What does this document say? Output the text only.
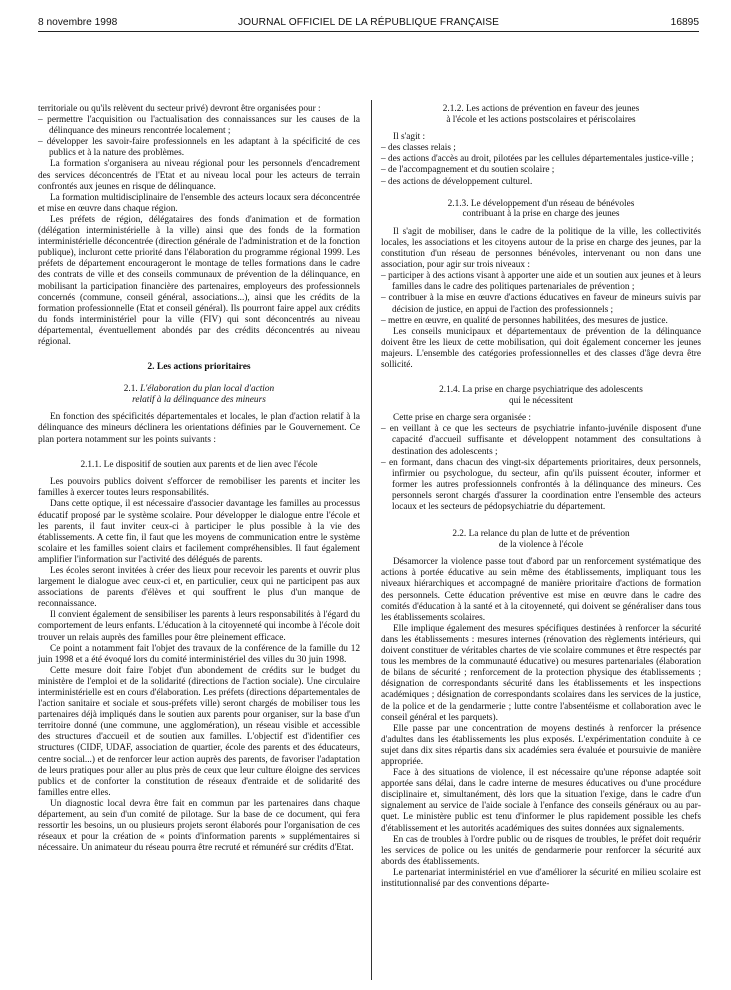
8 novembre 1998	JOURNAL OFFICIEL DE LA RÉPUBLIQUE FRANÇAISE	16895

territoriale ou qu'ils relèvent du secteur privé) devront être organisées pour :

– permettre l'acquisition ou l'actualisation des connaissances sur les causes de la délinquance des mineurs rencontrée localement ;
– développer les savoir-faire professionnels en les adaptant à la spécificité de ces publics et à la nature des problèmes.

La formation s'organisera au niveau régional pour les personnels d'encadrement des services déconcentrés de l'Etat et au niveau local pour les acteurs de terrain confrontés aux jeunes en risque de délinquance.

La formation multidisciplinaire de l'ensemble des acteurs locaux sera déconcentrée et mise en œuvre dans chaque région.

Les préfets de région, délégataires des fonds d'animation et de formation (délégation interministérielle à la ville) ainsi que des fonds de la formation interministérielle déconcentrée (direction générale de l'administration et de la fonction publique), incluront cette priorité dans l'élaboration du programme régional 1999. Les préfets de département encourageront le montage de telles formations dans le cadre des contrats de ville et des conseils communaux de prévention de la délinquance, en mobilisant la participation financière des partenaires, employeurs des professionnels concernés (commune, conseil général, associations...), ainsi que les crédits de la formation professionnelle (Etat et conseil général). Ils pourront faire appel aux crédits du fonds interministériel pour la ville (FIV) qui sont déconcentrés au niveau départemental, éventuellement abondés par des crédits déconcentrés au niveau régional.

2. Les actions prioritaires
2.1. L'élaboration du plan local d'action
relatif à la délinquance des mineurs

En fonction des spécificités départementales et locales, le plan d'action relatif à la délinquance des mineurs déclinera les orientations définies par le Gouvernement. Ce plan portera notamment sur les points suivants :

2.1.1. Le dispositif de soutien aux parents et de lien avec l'école

Les pouvoirs publics doivent s'efforcer de remobiliser les parents et inciter les familles à exercer toutes leurs responsabilités.

Dans cette optique, il est nécessaire d'associer davantage les familles au processus éducatif proposé par le système scolaire. Pour développer le dialogue entre l'école et les parents, il faut inviter ceux-ci à participer le plus possible à la vie des établissements. A cette fin, il faut que les moyens de communication entre le système scolaire et les familles soient clairs et facilement compréhensibles. Il faut également amplifier l'information sur l'activité des délégués de parents.

Les écoles seront invitées à créer des lieux pour recevoir les parents et ouvrir plus largement le dialogue avec ceux-ci et, en particulier, ceux qui ne participent pas aux associations de parents d'élèves et qui souffrent le plus d'un manque de reconnaissance.

Il convient également de sensibiliser les parents à leurs responsabilités à l'égard du comportement de leurs enfants. L'éducation à la citoyenneté qui incombe à l'école doit trouver un relais auprès des familles pour être pleinement efficace.

Ce point a notamment fait l'objet des travaux de la conférence de la famille du 12 juin 1998 et a été évoqué lors du comité interministériel des villes du 30 juin 1998.

Cette mesure doit faire l'objet d'un abondement de crédits sur le budget du ministère de l'emploi et de la solidarité (directions de l'action sociale). Une circulaire interministérielle est en cours d'élaboration. Les préfets (directions départementales de l'action sanitaire et sociale et sous-préfets ville) seront chargés de mobiliser tous les partenaires déjà impliqués dans le soutien aux parents pour organiser, sur la base d'un territoire donné (une commune, une agglomération), un réseau visible et accessible des structures d'accueil et de soutien aux familles. L'objectif est d'identifier ces structures (CIDF, UDAF, association de quartier, école des parents et des éducateurs, centre social...) et de renforcer leur action auprès des parents, de favoriser l'adaptation de leurs pratiques pour aller au plus près de ceux que leur culture éloigne des services publics et de conforter la constitution de réseaux d'entraide et de solidarité des familles entre elles.

Un diagnostic local devra être fait en commun par les partenaires dans chaque département, au sein d'un comité de pilotage. Sur la base de ce document, qui fera ressortir les besoins, un ou plusieurs projets seront élaborés pour l'organisation de ces réseaux et pour la création de « points d'information parents » supplémentaires si nécessaire. Un animateur du réseau pourra être recruté et rémunéré sur crédits d'Etat.

2.1.2. Les actions de prévention en faveur des jeunes
à l'école et les actions postscolaires et périscolaires

Il s'agit :

– des classes relais ;
– des actions d'accès au droit, pilotées par les cellules départementales justice-ville ;
– de l'accompagnement et du soutien scolaire ;
– des actions de développement culturel.
2.1.3. Le développement d'un réseau de bénévoles
contribuant à la prise en charge des jeunes

Il s'agit de mobiliser, dans le cadre de la politique de la ville, les collectivités locales, les associations et les citoyens autour de la prise en charge des jeunes, par la constitution d'un réseau de personnes bénévoles, intervenant ou non dans une association, pour agir sur trois niveaux :

– participer à des actions visant à apporter une aide et un soutien aux jeunes et à leurs familles dans le cadre des politiques partenariales de prévention ;
– contribuer à la mise en œuvre d'actions éducatives en faveur de mineurs suivis par décision de justice, en appui de l'action des professionnels ;
– mettre en œuvre, en qualité de personnes habilitées, des mesures de justice.

Les conseils municipaux et départementaux de prévention de la délinquance doivent être les lieux de cette mobilisation, qui doit également concerner les jeunes majeurs. L'ensemble des catégories professionnelles et des classes d'âge devra être sollicité.

2.1.4. La prise en charge psychiatrique des adolescents
qui le nécessitent

Cette prise en charge sera organisée :

– en veillant à ce que les secteurs de psychiatrie infanto-juvénile disposent d'une capacité d'accueil suffisante et développent notamment des consultations à destination des adolescents ;
– en formant, dans chacun des vingt-six départements prioritaires, deux personnels, infirmier ou psychologue, du secteur, afin qu'ils puissent écouter, informer et former les autres professionnels confrontés à la délinquance des mineurs. Ces personnels seront chargés d'assurer la coordination entre l'ensemble des acteurs locaux et les secteurs de pédopsychiatrie du département.
2.2. La relance du plan de lutte et de prévention
de la violence à l'école

Désamorcer la violence passe tout d'abord par un renforcement systématique des actions à portée éducative au sein même des établissements, impliquant tous les niveaux hiérarchiques et accompagné de manière prioritaire d'actions de formation des personnels. Cette éducation préventive est mise en œuvre dans le cadre des comités d'éducation à la santé et à la citoyenneté, qui doivent se généraliser dans tous les établissements scolaires.

Elle implique également des mesures spécifiques destinées à renforcer la sécurité dans les établissements : mesures internes (rénovation des règlements intérieurs, qui doivent constituer de véritables chartes de vie scolaire communes et être respectés par tous les membres de la communauté éducative) ou mesures partenariales (élaboration de bilans de sécurité ; renforcement de la protection physique des établissements ; désignation de correspondants sécurité dans les établissements et les inspections académiques ; désignation de correspondants scolaires dans les services de la justice, de la police et de la gendarmerie ; lutte contre l'absentéisme et collaboration avec le conseil général et les parquets).

Elle passe par une concentration de moyens destinés à renforcer la présence d'adultes dans les établissements les plus exposés. L'expérimentation conduite à ce sujet dans dix sites répartis dans six académies sera évaluée et poursuivie de manière appropriée.

Face à des situations de violence, il est nécessaire qu'une réponse adaptée soit apportée sans délai, dans le cadre interne de mesures éducatives ou d'une procédure disciplinaire et, simultanément, dès lors que la situation l'exige, dans le cadre d'un signalement au service de l'aide sociale à l'enfance des conseils généraux ou au parquet. Le ministère public est tenu d'informer le plus rapidement possible les chefs d'établissement et les autorités académiques des suites données aux signalements.

En cas de troubles à l'ordre public ou de risques de troubles, le préfet doit requérir les services de police ou les unités de gendarmerie pour renforcer la sécurité aux abords des établissements.

Le partenariat interministériel en vue d'améliorer la sécurité en milieu scolaire est institutionnalisé par des conventions départe-
